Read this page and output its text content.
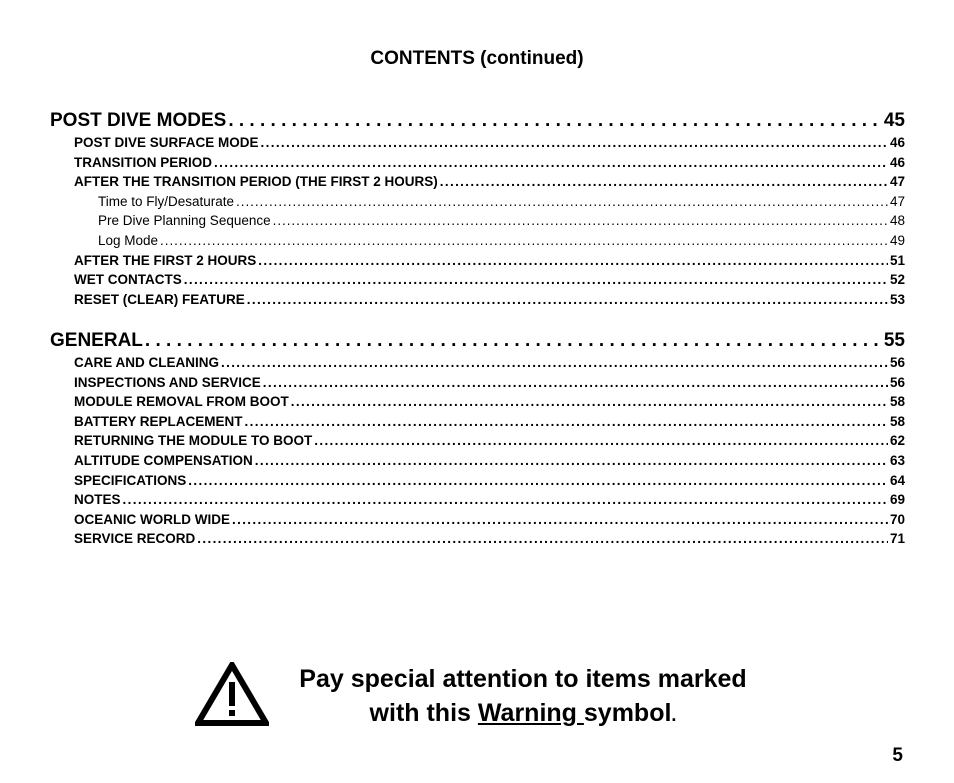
CONTENTS (continued)
POST DIVE MODES . . .	45
POST DIVE SURFACE MODE . . .	46
TRANSITION PERIOD . . .	46
AFTER THE TRANSITION PERIOD (THE FIRST 2 HOURS) . . .	47
Time to Fly/Desaturate . . .	47
Pre Dive Planning Sequence . . .	48
Log Mode . . .	49
AFTER THE FIRST 2 HOURS . . .	51
WET CONTACTS . . .	52
RESET (CLEAR) FEATURE . . .	53
GENERAL . . .	55
CARE AND CLEANING . . .	56
INSPECTIONS AND SERVICE . . .	56
MODULE REMOVAL FROM BOOT . . .	58
BATTERY REPLACEMENT . . .	58
RETURNING THE MODULE TO BOOT . . .	62
ALTITUDE COMPENSATION . . .	63
SPECIFICATIONS . . .	64
NOTES . . .	69
OCEANIC WORLD WIDE . . .	70
SERVICE RECORD . . .	71
Pay special attention to items marked
with this Warning symbol.
5
